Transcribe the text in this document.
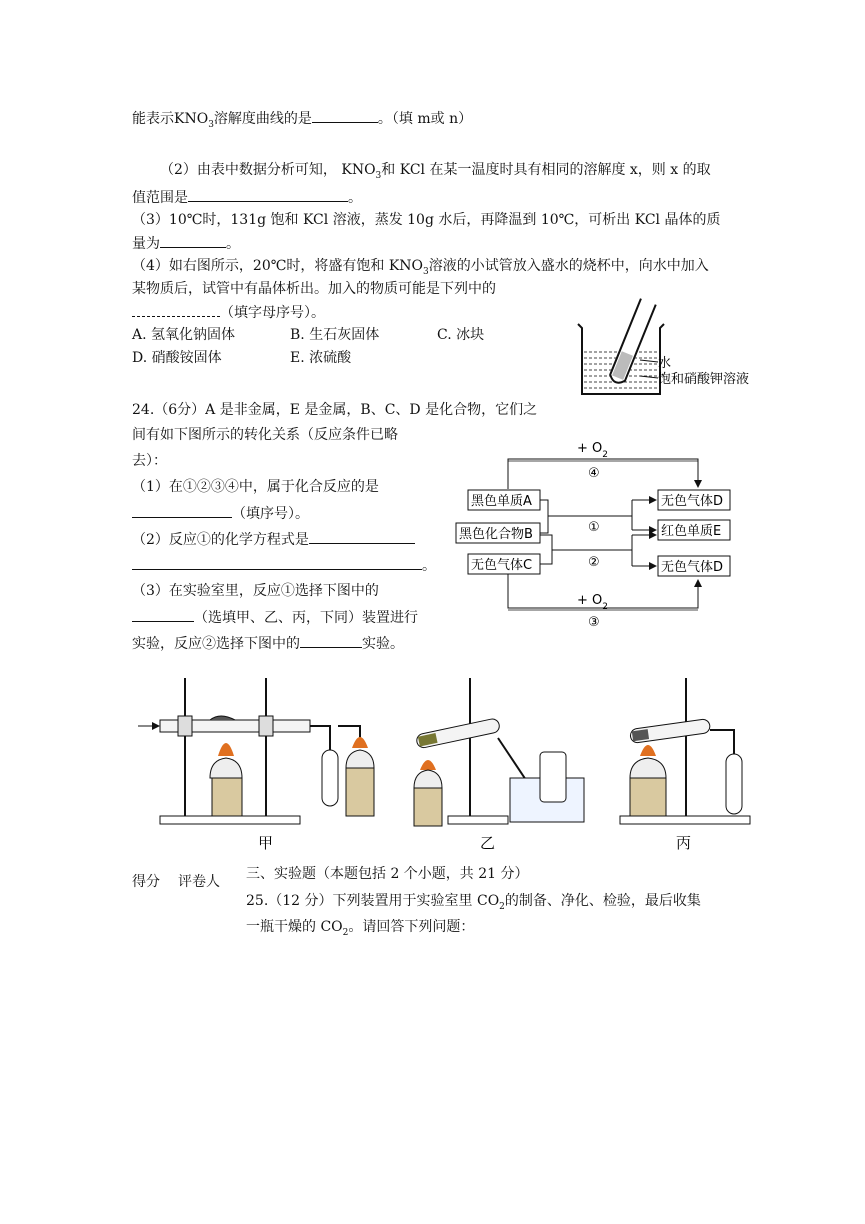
能表示$KNO_3$溶解度曲线的是	。（填 m或 n）
（2）由表中数据分析可知， $KNO_3$和 KCl 在某一温度时具有相同的溶解度 x，则 x 的取
值范围是	。
（3）10℃时，131g 饱和 KCl 溶液，蒸发 10g 水后，再降温到 10℃，可析出 KCl 晶体的质
量为	。
（4）如右图所示，20℃时，将盛有饱和 $KNO_3$溶液的小试管放入盛水的烧杯中，向水中加入
某物质后，试管中有晶体析出。加入的物质可能是下列中的
（填字母序号）。
A. 氢氧化钠固体	B. 生石灰固体	C. 冰块
D. 硝酸铵固体	E. 浓硫酸	水
饱和硝酸钾溶液
24.（6分）A 是非金属，E 是金属，B、C、D 是化合物，它们之
间有如下图所示的转化关系（反应条件已略
去）：
（1）在①②③④中，属于化合反应的是
（填序号）。
（2）反应①的化学方程式是
。
（3）在实验室里，反应①选择下图中的
（选填甲、乙、丙，下同）装置进行
实验，反应②选择下图中的	实验。
+ $O_2$
④
黑色单质A
黑色化合物B
无色气体C
无色气体D
红色单质E
无色气体D
①
②
+ $O_2$
③
甲	乙	丙
得分 评卷人 三、实验题（本题包括 2 个小题，共 21 分）
25.（12 分）下列装置用于实验室里 $CO_2$的制备、净化、检验，最后收集
一瓶干燥的 $CO_2$。请回答下列问题：
